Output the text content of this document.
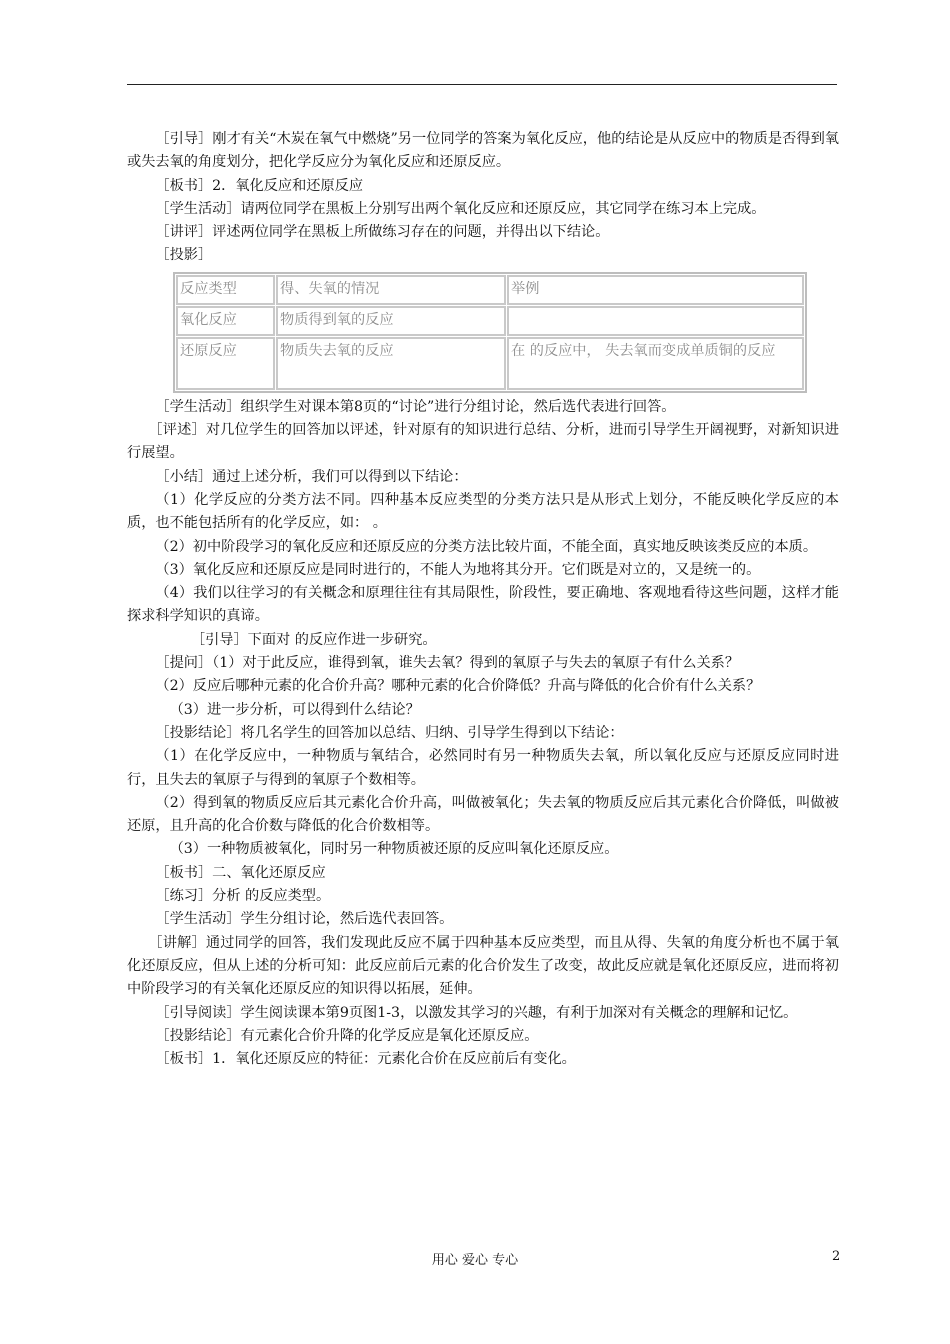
［引导］刚才有关“木炭在氧气中燃烧”另一位同学的答案为氧化反应，他的结论是从反应中的物质是否得到氧或失去氧的角度划分，把化学反应分为氧化反应和还原反应。

［板书］2．氧化反应和还原反应

［学生活动］请两位同学在黑板上分别写出两个氧化反应和还原反应，其它同学在练习本上完成。

［讲评］评述两位同学在黑板上所做练习存在的问题，并得出以下结论。

［投影］

反应类型	得、失氧的情况	举例
氧化反应	物质得到氧的反应	
还原反应	物质失去氧的反应	在 的反应中， 失去氧而变成单质铜的反应

［学生活动］组织学生对课本第8页的“讨论”进行分组讨论，然后选代表进行回答。

［评述］对几位学生的回答加以评述，针对原有的知识进行总结、分析，进而引导学生开阔视野，对新知识进行展望。

［小结］通过上述分析，我们可以得到以下结论：

（1）化学反应的分类方法不同。四种基本反应类型的分类方法只是从形式上划分，不能反映化学反应的本质，也不能包括所有的化学反应，如： 。

（2）初中阶段学习的氧化反应和还原反应的分类方法比较片面，不能全面，真实地反映该类反应的本质。

（3）氧化反应和还原反应是同时进行的，不能人为地将其分开。它们既是对立的，又是统一的。

（4）我们以往学习的有关概念和原理往往有其局限性，阶段性，要正确地、客观地看待这些问题，这样才能探求科学知识的真谛。

［引导］下面对 的反应作进一步研究。

［提问］（1）对于此反应，谁得到氧，谁失去氧？得到的氧原子与失去的氧原子有什么关系？

（2）反应后哪种元素的化合价升高？哪种元素的化合价降低？升高与降低的化合价有什么关系？

（3）进一步分析，可以得到什么结论？

［投影结论］将几名学生的回答加以总结、归纳、引导学生得到以下结论：

（1）在化学反应中，一种物质与氧结合，必然同时有另一种物质失去氧，所以氧化反应与还原反应同时进行，且失去的氧原子与得到的氧原子个数相等。

（2）得到氧的物质反应后其元素化合价升高，叫做被氧化；失去氧的物质反应后其元素化合价降低，叫做被还原，且升高的化合价数与降低的化合价数相等。

（3）一种物质被氧化，同时另一种物质被还原的反应叫氧化还原反应。

［板书］二、氧化还原反应

［练习］分析 的反应类型。

［学生活动］学生分组讨论，然后选代表回答。

［讲解］通过同学的回答，我们发现此反应不属于四种基本反应类型，而且从得、失氧的角度分析也不属于氧化还原反应，但从上述的分析可知：此反应前后元素的化合价发生了改变，故此反应就是氧化还原反应，进而将初中阶段学习的有关氧化还原反应的知识得以拓展，延伸。

［引导阅读］学生阅读课本第9页图1-3，以激发其学习的兴趣，有利于加深对有关概念的理解和记忆。

［投影结论］有元素化合价升降的化学反应是氧化还原反应。

［板书］1．氧化还原反应的特征：元素化合价在反应前后有变化。

用心 爱心 专心	2
